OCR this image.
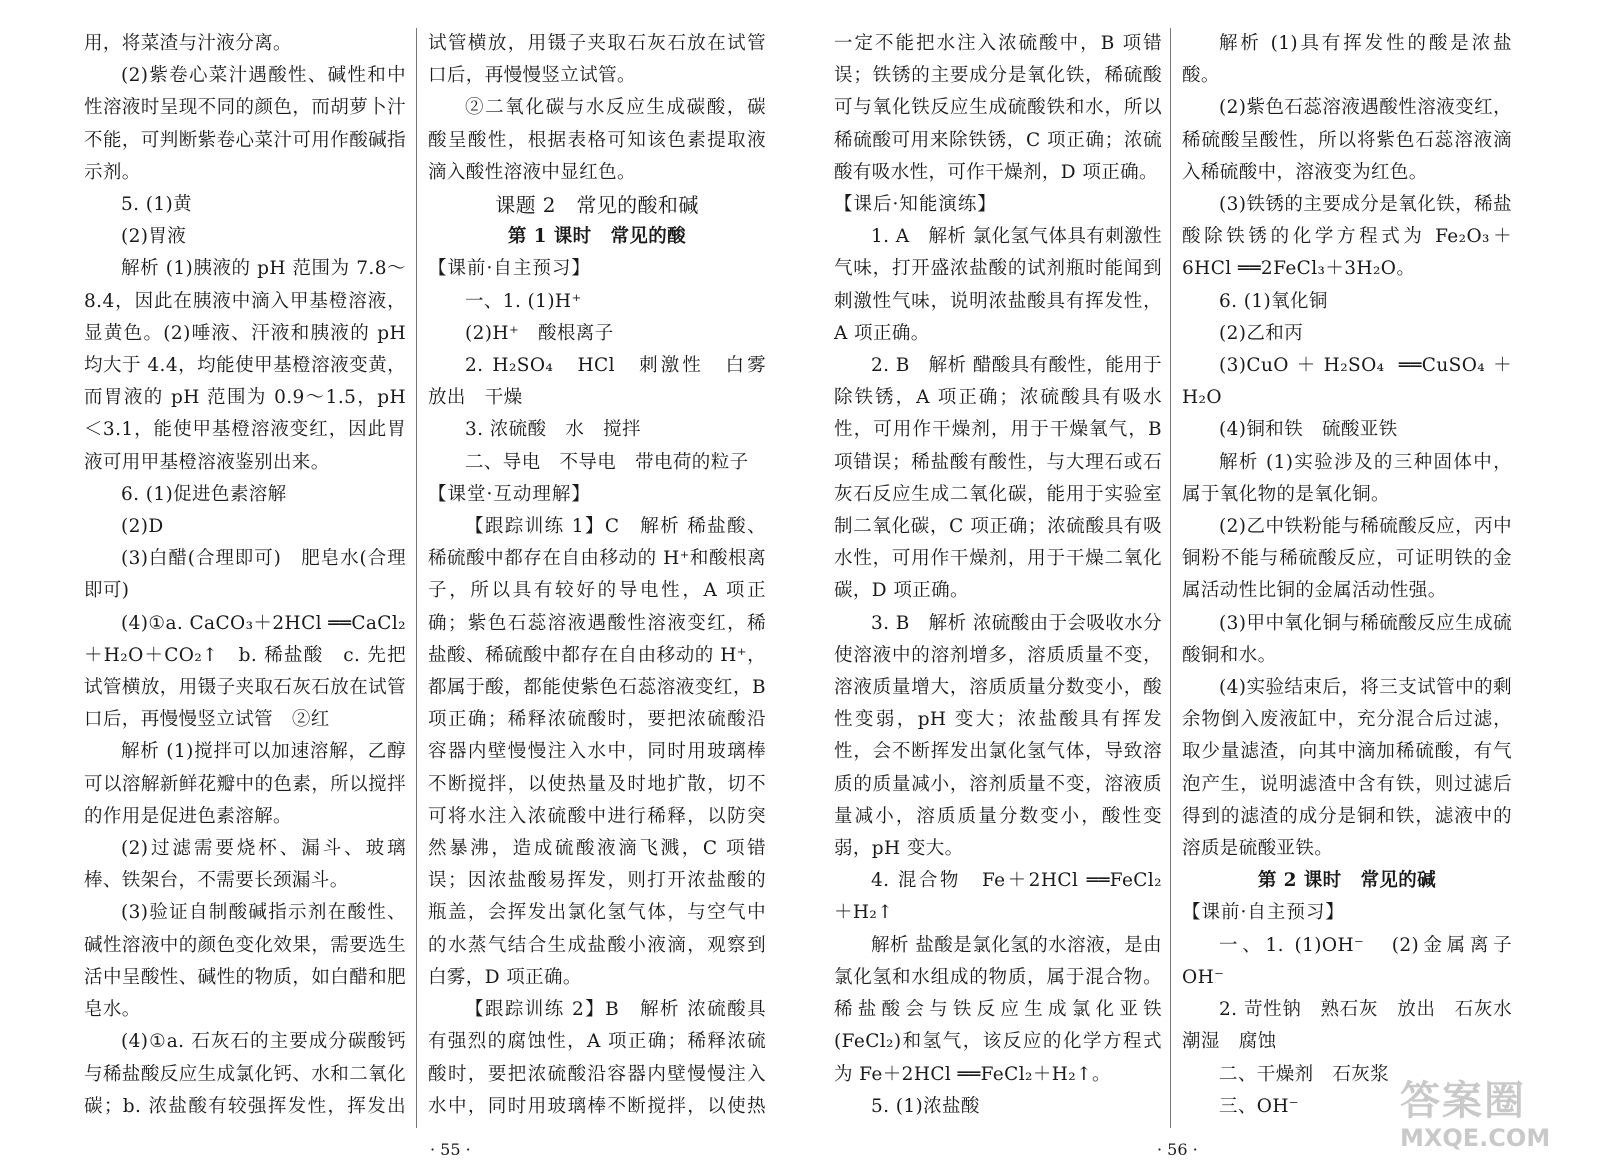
用，将菜渣与汁液分离。

(2)紫卷心菜汁遇酸性、碱性和中性溶液时呈现不同的颜色，而胡萝卜汁不能，可判断紫卷心菜汁可用作酸碱指示剂。

5. (1)黄

(2)胃液

解析 (1)胰液的 pH 范围为 7.8～8.4，因此在胰液中滴入甲基橙溶液，显黄色。(2)唾液、汗液和胰液的 pH 均大于 4.4，均能使甲基橙溶液变黄，而胃液的 pH 范围为 0.9～1.5，pH＜3.1，能使甲基橙溶液变红，因此胃液可用甲基橙溶液鉴别出来。

6. (1)促进色素溶解

(2)D

(3)白醋(合理即可)　肥皂水(合理即可)

(4)①a. CaCO₃＋2HCl ══CaCl₂＋H₂O＋CO₂↑　b. 稀盐酸　c. 先把试管横放，用镊子夹取石灰石放在试管口后，再慢慢竖立试管　②红

解析 (1)搅拌可以加速溶解，乙醇可以溶解新鲜花瓣中的色素，所以搅拌的作用是促进色素溶解。

(2)过滤需要烧杯、漏斗、玻璃棒、铁架台，不需要长颈漏斗。

(3)验证自制酸碱指示剂在酸性、碱性溶液中的颜色变化效果，需要选生活中呈酸性、碱性的物质，如白醋和肥皂水。

(4)①a. 石灰石的主要成分碳酸钙与稀盐酸反应生成氯化钙、水和二氧化碳；b. 浓盐酸有较强挥发性，挥发出

试管横放，用镊子夹取石灰石放在试管口后，再慢慢竖立试管。

②二氧化碳与水反应生成碳酸，碳酸呈酸性，根据表格可知该色素提取液滴入酸性溶液中显红色。

课题 2　常见的酸和碱

第 1 课时　常见的酸

【课前·自主预习】

一、1. (1)H⁺

(2)H⁺　酸根离子

2. H₂SO₄　HCl　刺激性　白雾　放出　干燥

3. 浓硫酸　水　搅拌

二、导电　不导电　带电荷的粒子

【课堂·互动理解】

【跟踪训练 1】C　解析 稀盐酸、稀硫酸中都存在自由移动的 H⁺和酸根离子，所以具有较好的导电性，A 项正确；紫色石蕊溶液遇酸性溶液变红，稀盐酸、稀硫酸中都存在自由移动的 H⁺，都属于酸，都能使紫色石蕊溶液变红，B 项正确；稀释浓硫酸时，要把浓硫酸沿容器内壁慢慢注入水中，同时用玻璃棒不断搅拌，以使热量及时地扩散，切不可将水注入浓硫酸中进行稀释，以防突然暴沸，造成硫酸液滴飞溅，C 项错误；因浓盐酸易挥发，则打开浓盐酸的瓶盖，会挥发出氯化氢气体，与空气中的水蒸气结合生成盐酸小液滴，观察到白雾，D 项正确。

【跟踪训练 2】B　解析 浓硫酸具有强烈的腐蚀性，A 项正确；稀释浓硫酸时，要把浓硫酸沿容器内壁慢慢注入水中，同时用玻璃棒不断搅拌，以使热

· 55 ·

一定不能把水注入浓硫酸中，B 项错误；铁锈的主要成分是氧化铁，稀硫酸可与氧化铁反应生成硫酸铁和水，所以稀硫酸可用来除铁锈，C 项正确；浓硫酸有吸水性，可作干燥剂，D 项正确。

【课后·知能演练】

1. A　解析 氯化氢气体具有刺激性气味，打开盛浓盐酸的试剂瓶时能闻到刺激性气味，说明浓盐酸具有挥发性，A 项正确。

2. B　解析 醋酸具有酸性，能用于除铁锈，A 项正确；浓硫酸具有吸水性，可用作干燥剂，用于干燥氧气，B 项错误；稀盐酸有酸性，与大理石或石灰石反应生成二氧化碳，能用于实验室制二氧化碳，C 项正确；浓硫酸具有吸水性，可用作干燥剂，用于干燥二氧化碳，D 项正确。

3. B　解析 浓硫酸由于会吸收水分使溶液中的溶剂增多，溶质质量不变，溶液质量增大，溶质质量分数变小，酸性变弱，pH 变大；浓盐酸具有挥发性，会不断挥发出氯化氢气体，导致溶质的质量减小，溶剂质量不变，溶液质量减小，溶质质量分数变小，酸性变弱，pH 变大。

4. 混合物　Fe＋2HCl ══FeCl₂＋H₂↑

解析 盐酸是氯化氢的水溶液，是由氯化氢和水组成的物质，属于混合物。稀盐酸会与铁反应生成氯化亚铁(FeCl₂)和氢气，该反应的化学方程式为 Fe＋2HCl ══FeCl₂＋H₂↑。

5. (1)浓盐酸

解析 (1)具有挥发性的酸是浓盐酸。

(2)紫色石蕊溶液遇酸性溶液变红，稀硫酸呈酸性，所以将紫色石蕊溶液滴入稀硫酸中，溶液变为红色。

(3)铁锈的主要成分是氧化铁，稀盐酸除铁锈的化学方程式为 Fe₂O₃＋6HCl ══2FeCl₃＋3H₂O。

6. (1)氧化铜

(2)乙和丙

(3)CuO＋H₂SO₄ ══CuSO₄＋H₂O

(4)铜和铁　硫酸亚铁

解析 (1)实验涉及的三种固体中，属于氧化物的是氧化铜。

(2)乙中铁粉能与稀硫酸反应，丙中铜粉不能与稀硫酸反应，可证明铁的金属活动性比铜的金属活动性强。

(3)甲中氧化铜与稀硫酸反应生成硫酸铜和水。

(4)实验结束后，将三支试管中的剩余物倒入废液缸中，充分混合后过滤，取少量滤渣，向其中滴加稀硫酸，有气泡产生，说明滤渣中含有铁，则过滤后得到的滤渣的成分是铜和铁，滤液中的溶质是硫酸亚铁。

第 2 课时　常见的碱

【课前·自主预习】

一、1. (1)OH⁻　(2)金属离子　OH⁻

2. 苛性钠　熟石灰　放出　石灰水　潮湿　腐蚀

二、干燥剂　石灰浆

三、OH⁻

· 56 ·
答案圈
MXQE.COM
